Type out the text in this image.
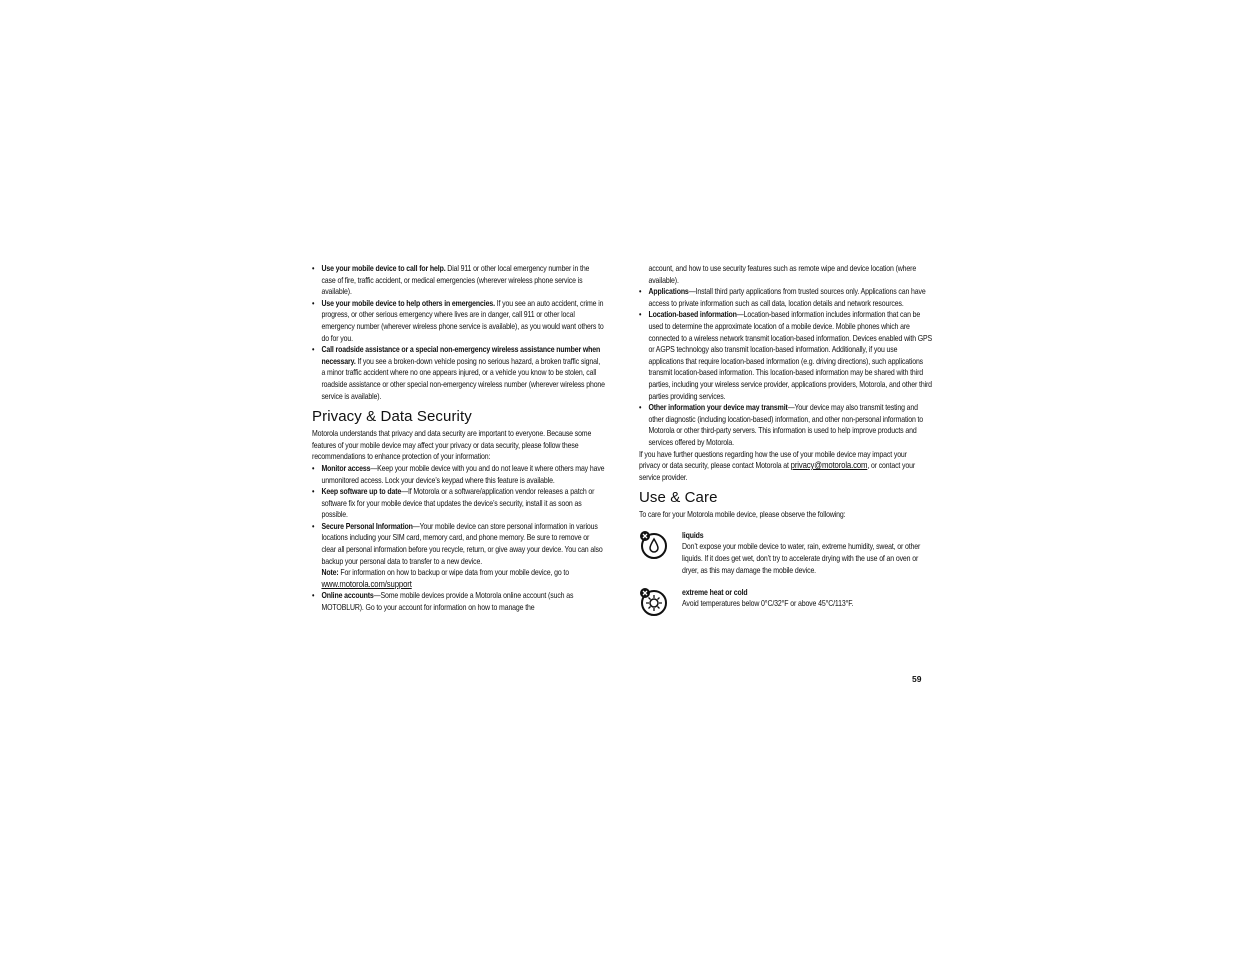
• Use your mobile device to call for help. Dial 911 or other local emergency number in the case of fire, traffic accident, or medical emergencies (wherever wireless phone service is available).
• Use your mobile device to help others in emergencies. If you see an auto accident, crime in progress, or other serious emergency where lives are in danger, call 911 or other local emergency number (wherever wireless phone service is available), as you would want others to do for you.
• Call roadside assistance or a special non-emergency wireless assistance number when necessary. If you see a broken-down vehicle posing no serious hazard, a broken traffic signal, a minor traffic accident where no one appears injured, or a vehicle you know to be stolen, call roadside assistance or other special non-emergency wireless number (wherever wireless phone service is available).
Privacy & Data Security
Motorola understands that privacy and data security are important to everyone. Because some features of your mobile device may affect your privacy or data security, please follow these recommendations to enhance protection of your information:
• Monitor access—Keep your mobile device with you and do not leave it where others may have unmonitored access. Lock your device’s keypad where this feature is available.
• Keep software up to date—If Motorola or a software/application vendor releases a patch or software fix for your mobile device that updates the device’s security, install it as soon as possible.
• Secure Personal Information—Your mobile device can store personal information in various locations including your SIM card, memory card, and phone memory. Be sure to remove or clear all personal information before you recycle, return, or give away your device. You can also backup your personal data to transfer to a new device.
Note: For information on how to backup or wipe data from your mobile device, go to www.motorola.com/support
• Online accounts—Some mobile devices provide a Motorola online account (such as MOTOBLUR). Go to your account for information on how to manage the
account, and how to use security features such as remote wipe and device location (where available).
• Applications—Install third party applications from trusted sources only. Applications can have access to private information such as call data, location details and network resources.
• Location-based information—Location-based information includes information that can be used to determine the approximate location of a mobile device. Mobile phones which are connected to a wireless network transmit location-based information. Devices enabled with GPS or AGPS technology also transmit location-based information. Additionally, if you use applications that require location-based information (e.g. driving directions), such applications transmit location-based information. This location-based information may be shared with third parties, including your wireless service provider, applications providers, Motorola, and other third parties providing services.
• Other information your device may transmit—Your device may also transmit testing and other diagnostic (including location-based) information, and other non-personal information to Motorola or other third-party servers. This information is used to help improve products and services offered by Motorola.
If you have further questions regarding how the use of your mobile device may impact your privacy or data security, please contact Motorola at privacy@motorola.com, or contact your service provider.
Use & Care
To care for your Motorola mobile device, please observe the following:
liquids
Don’t expose your mobile device to water, rain, extreme humidity, sweat, or other liquids. If it does get wet, don’t try to accelerate drying with the use of an oven or dryer, as this may damage the mobile device.
extreme heat or cold
Avoid temperatures below 0°C/32°F or above 45°C/113°F.
59
